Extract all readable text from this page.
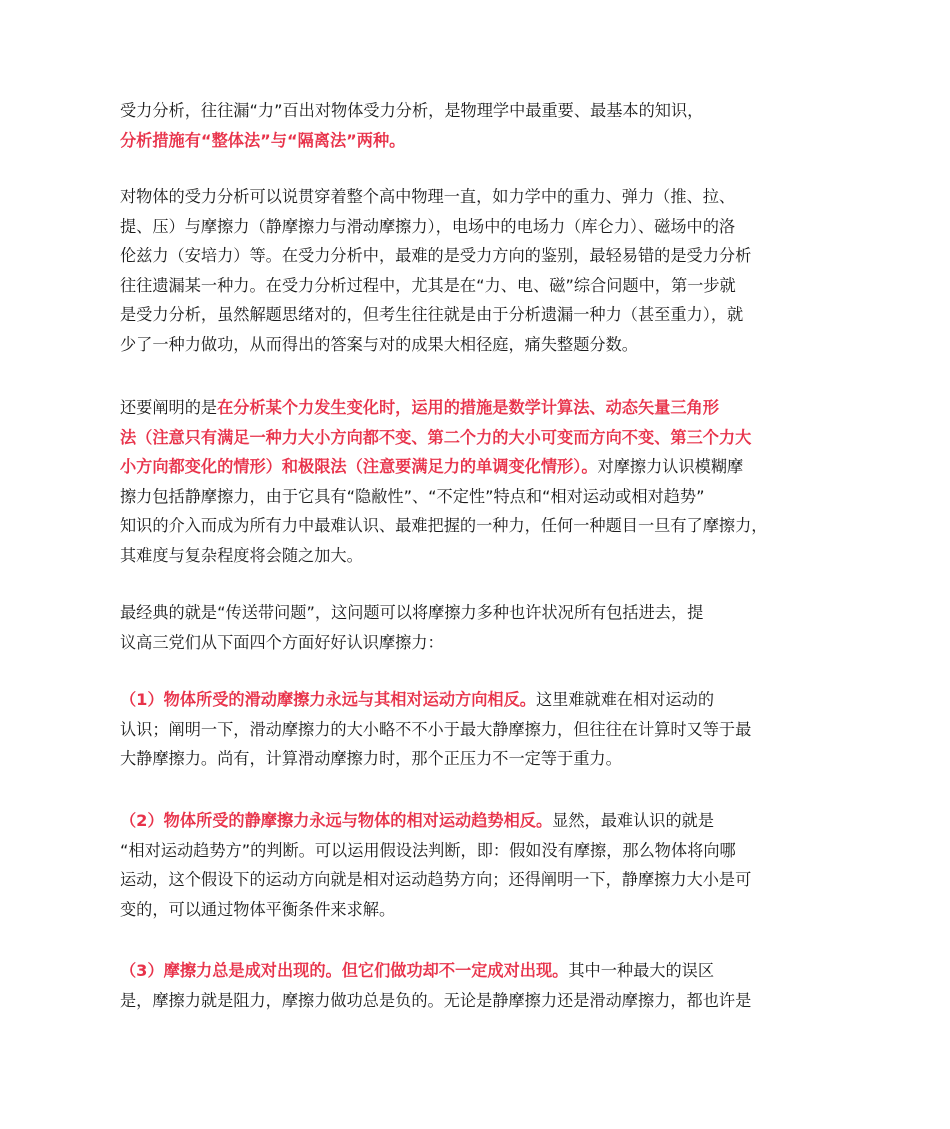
受力分析，往往漏“力”百出对物体受力分析，是物理学中最重要、最基本的知识，
分析措施有“整体法”与“隔离法”两种。

对物体的受力分析可以说贯穿着整个高中物理一直，如力学中的重力、弹力（推、拉、
提、压）与摩擦力（静摩擦力与滑动摩擦力），电场中的电场力（库仑力）、磁场中的洛
伦兹力（安培力）等。在受力分析中，最难的是受力方向的鉴别，最轻易错的是受力分析
往往遗漏某一种力。在受力分析过程中，尤其是在“力、电、磁”综合问题中，第一步就
是受力分析，虽然解题思绪对的，但考生往往就是由于分析遗漏一种力（甚至重力），就
少了一种力做功，从而得出的答案与对的成果大相径庭，痛失整题分数。

还要阐明的是在分析某个力发生变化时，运用的措施是数学计算法、动态矢量三角形
法（注意只有满足一种力大小方向都不变、第二个力的大小可变而方向不变、第三个力大
小方向都变化的情形）和极限法（注意要满足力的单调变化情形）。对摩擦力认识模糊摩
擦力包括静摩擦力，由于它具有“隐敝性”、“不定性”特点和“相对运动或相对趋势”
知识的介入而成为所有力中最难认识、最难把握的一种力，任何一种题目一旦有了摩擦力，
其难度与复杂程度将会随之加大。

最经典的就是“传送带问题”，这问题可以将摩擦力多种也许状况所有包括进去，提
议高三党们从下面四个方面好好认识摩擦力：

（1）物体所受的滑动摩擦力永远与其相对运动方向相反。这里难就难在相对运动的
认识；阐明一下，滑动摩擦力的大小略不不小于最大静摩擦力，但往往在计算时又等于最
大静摩擦力。尚有，计算滑动摩擦力时，那个正压力不一定等于重力。

（2）物体所受的静摩擦力永远与物体的相对运动趋势相反。显然，最难认识的就是
“相对运动趋势方”的判断。可以运用假设法判断，即：假如没有摩擦，那么物体将向哪
运动，这个假设下的运动方向就是相对运动趋势方向；还得阐明一下，静摩擦力大小是可
变的，可以通过物体平衡条件来求解。

（3）摩擦力总是成对出现的。但它们做功却不一定成对出现。其中一种最大的误区
是，摩擦力就是阻力，摩擦力做功总是负的。无论是静摩擦力还是滑动摩擦力，都也许是
